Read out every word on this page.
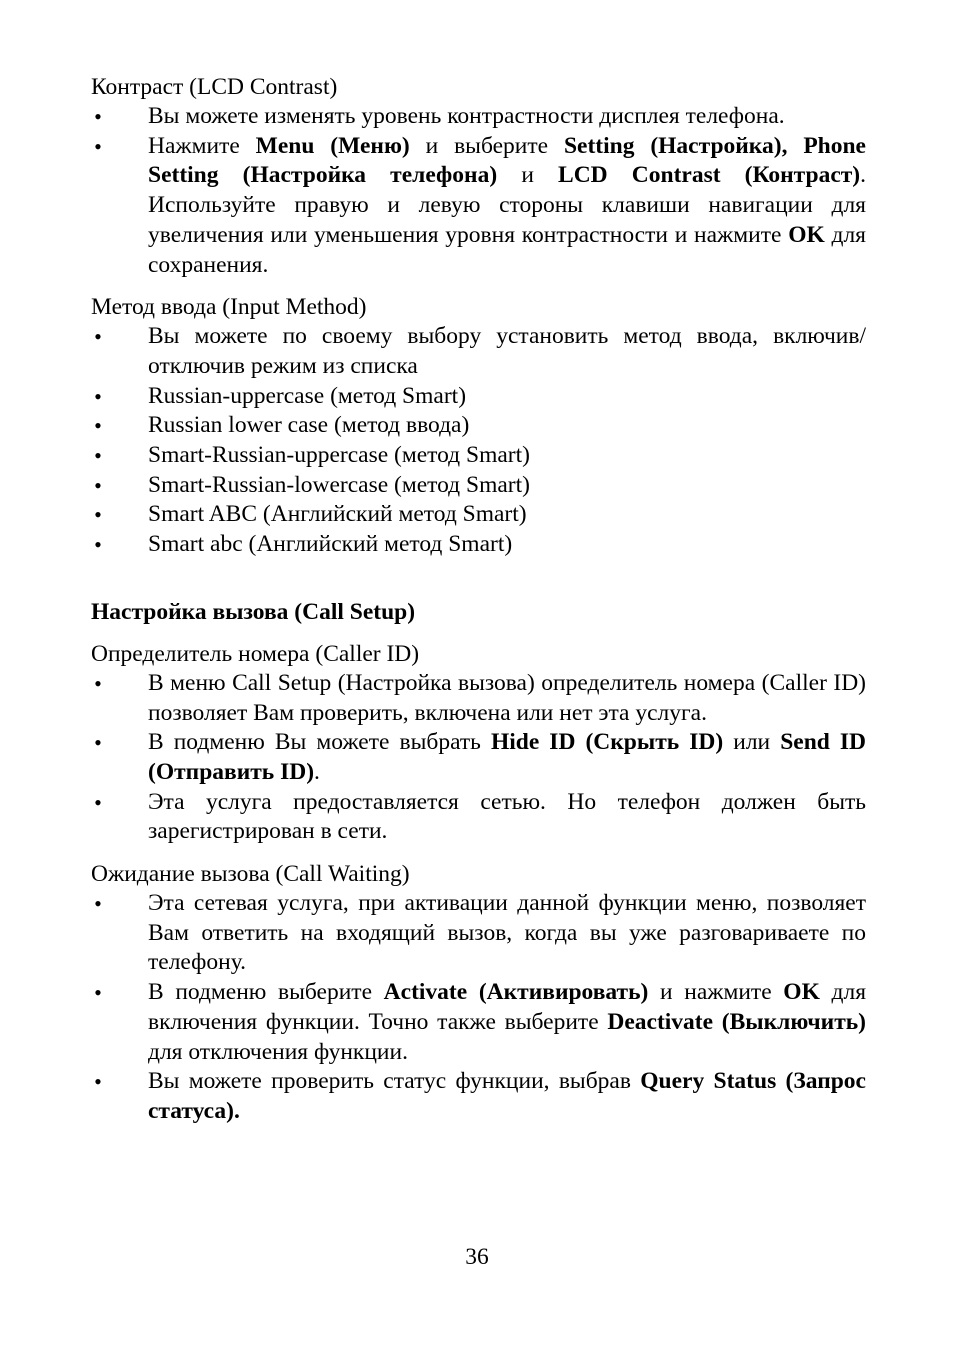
Контраст (LCD Contrast)

• Вы можете изменять уровень контрастности дисплея телефона.
• Нажмите Menu (Меню) и выберите Setting (Настройка), Phone Setting (Настройка телефона) и LCD Contrast (Контраст). Используйте правую и левую стороны клавиши навигации для увеличения или уменьшения уровня контрастности и нажмите OK для сохранения.

Метод ввода (Input Method)

• Вы можете по своему выбору установить метод ввода, включив/отключив режим из списка
• Russian-uppercase (метод Smart)
• Russian lower case (метод ввода)
• Smart-Russian-uppercase (метод Smart)
• Smart-Russian-lowercase (метод Smart)
• Smart ABC (Английский метод Smart)
• Smart abc (Английский метод Smart)

Настройка вызова (Call Setup)

Определитель номера (Caller ID)

• В меню Call Setup (Настройка вызова) определитель номера (Caller ID) позволяет Вам проверить, включена или нет эта услуга.
• В подменю Вы можете выбрать Hide ID (Скрыть ID) или Send ID (Отправить ID).
• Эта услуга предоставляется сетью. Но телефон должен быть зарегистрирован в сети.

Ожидание вызова (Call Waiting)

• Эта сетевая услуга, при активации данной функции меню, позволяет Вам ответить на входящий вызов, когда вы уже разговариваете по телефону.
• В подменю выберите Activate (Активировать) и нажмите OK для включения функции. Точно также выберите Deactivate (Выключить) для отключения функции.
• Вы можете проверить статус функции, выбрав Query Status (Запрос статуса).
36
